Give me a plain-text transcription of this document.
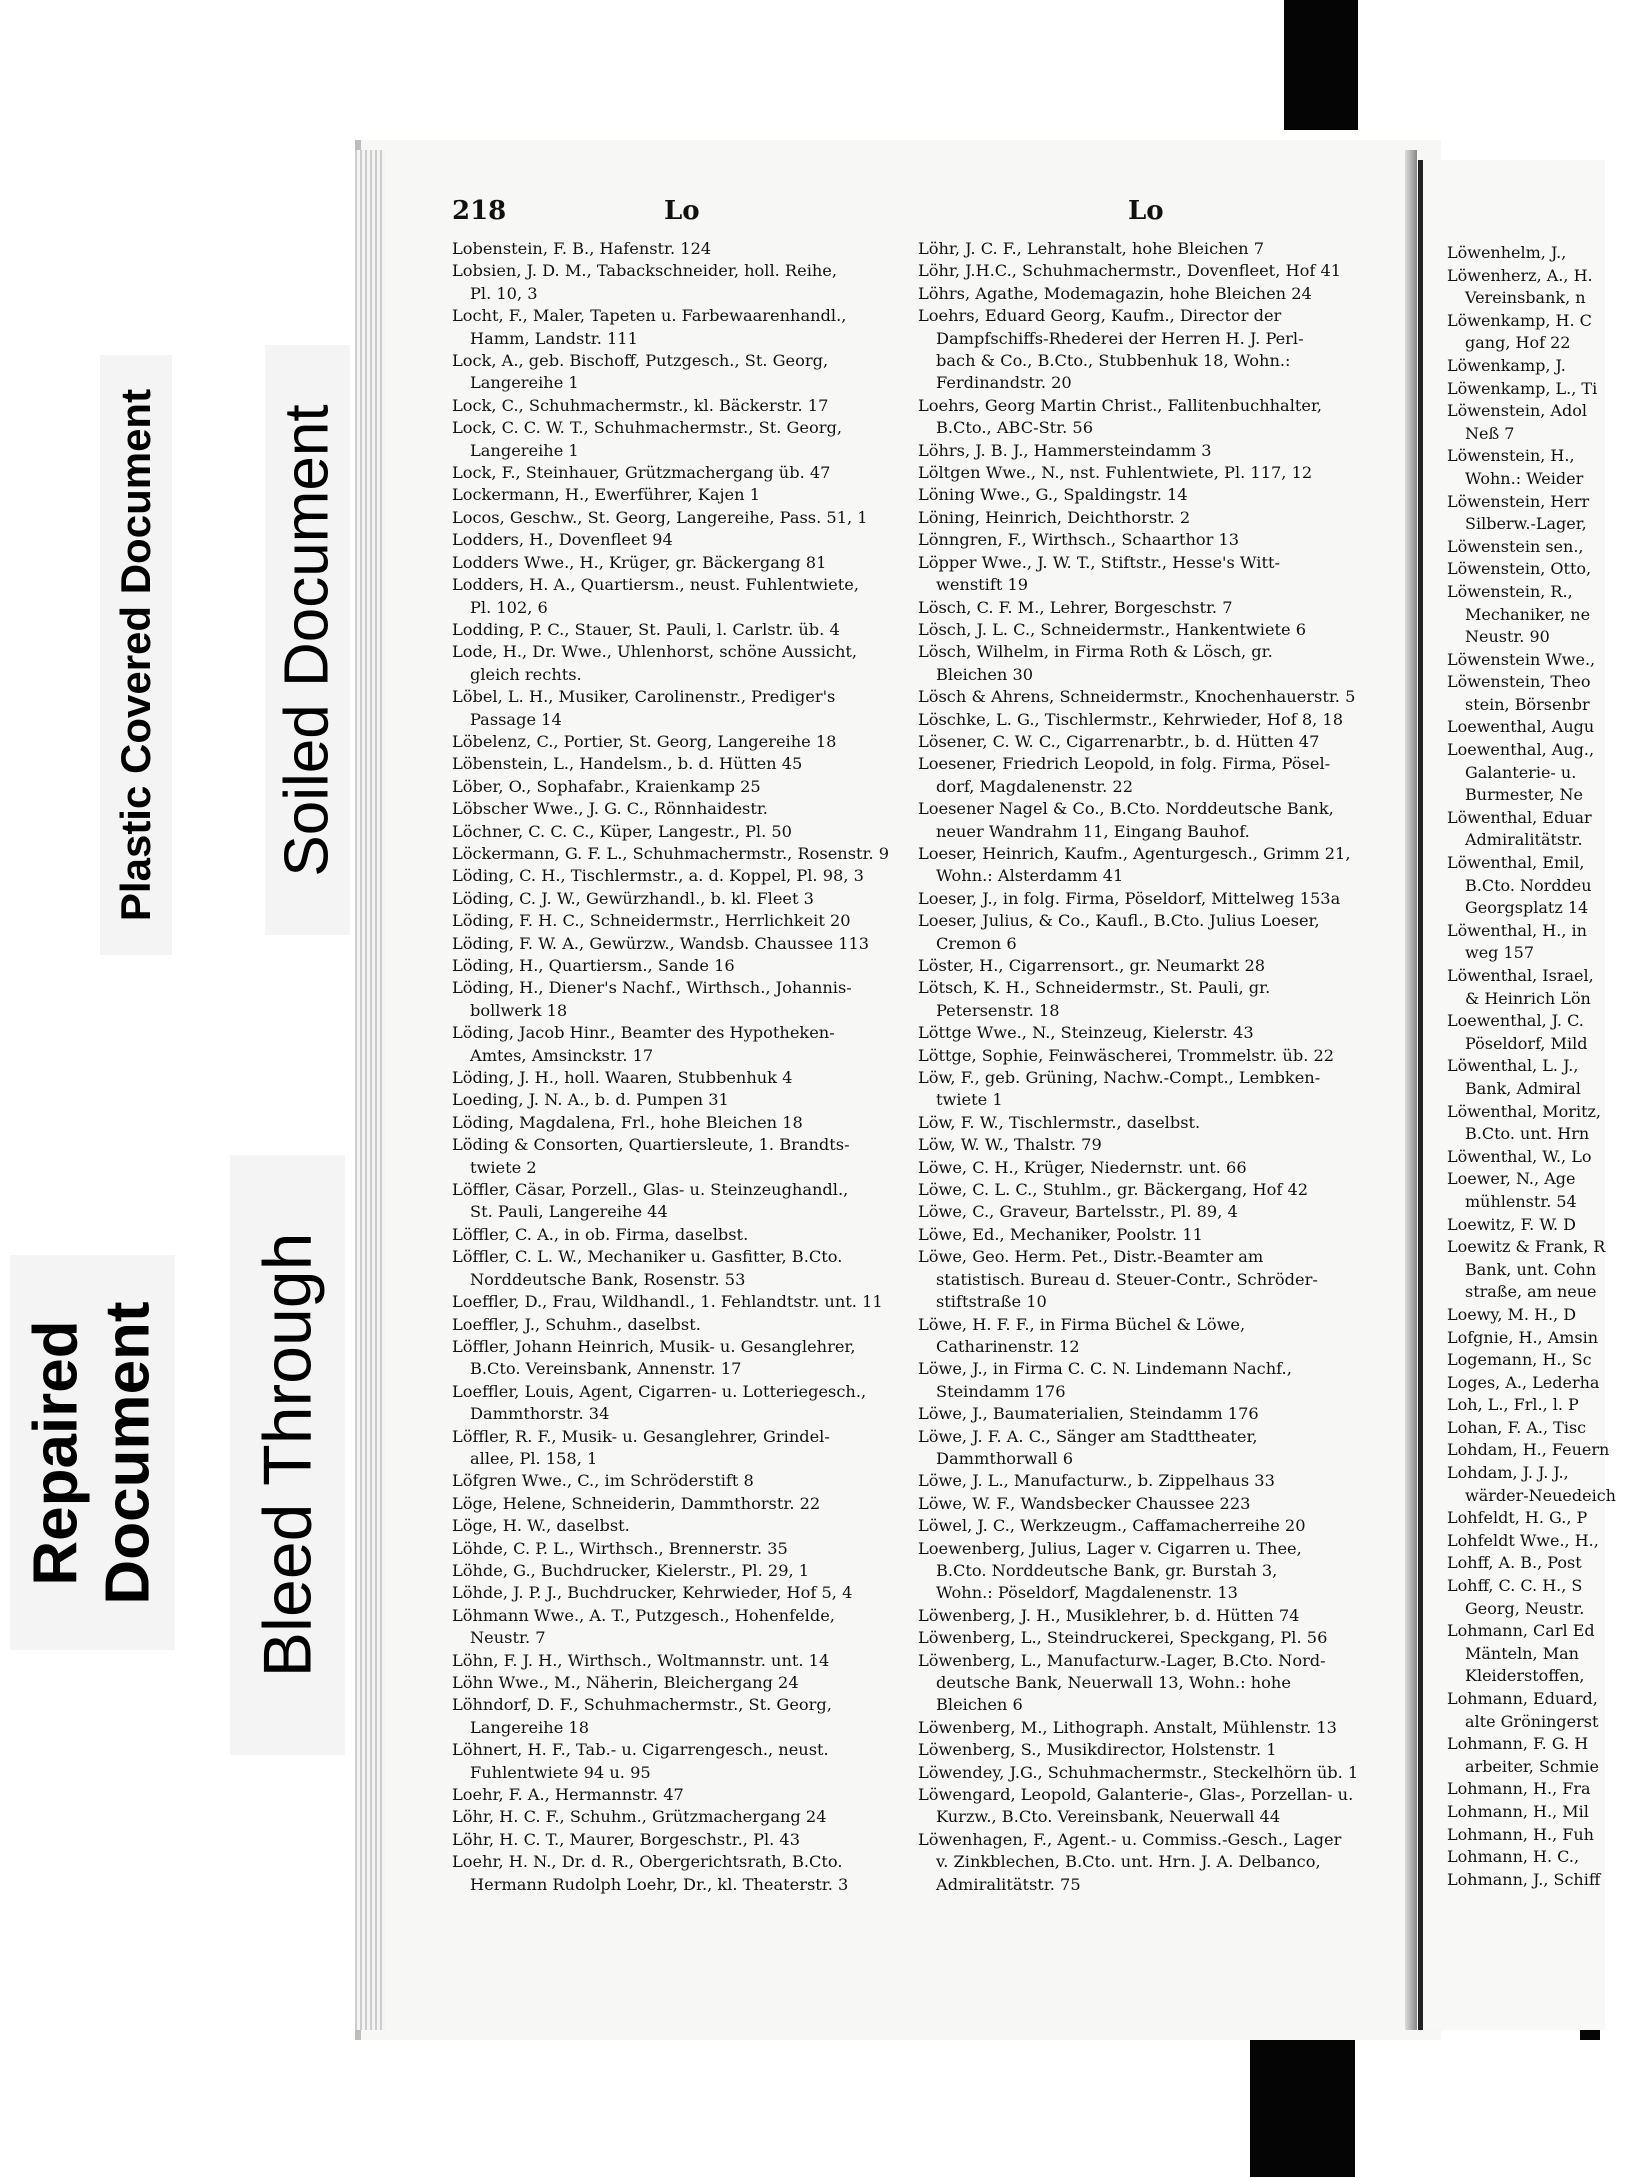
Plastic Covered Document Soiled Document
Repaired Document Bleed Through
218	Lo	Lo
Lobenstein, F. B., Hafenstr. 124
Lobsien, J. D. M., Tabackschneider, holl. Reihe,
Pl. 10, 3
Locht, F., Maler, Tapeten u. Farbewaarenhandl.,
Hamm, Landstr. 111
Lock, A., geb. Bischoff, Putzgesch., St. Georg,
Langereihe 1
Lock, C., Schuhmachermstr., kl. Bäckerstr. 17
Lock, C. C. W. T., Schuhmachermstr., St. Georg,
Langereihe 1
Lock, F., Steinhauer, Grützmachergang üb. 47
Lockermann, H., Ewerführer, Kajen 1
Locos, Geschw., St. Georg, Langereihe, Pass. 51, 1
Lodders, H., Dovenfleet 94
Lodders Wwe., H., Krüger, gr. Bäckergang 81
Lodders, H. A., Quartiersm., neust. Fuhlentwiete,
Pl. 102, 6
Lodding, P. C., Stauer, St. Pauli, l. Carlstr. üb. 4
Lode, H., Dr. Wwe., Uhlenhorst, schöne Aussicht,
gleich rechts.
Löbel, L. H., Musiker, Carolinenstr., Prediger's
Passage 14
Löbelenz, C., Portier, St. Georg, Langereihe 18
Löbenstein, L., Handelsm., b. d. Hütten 45
Löber, O., Sophafabr., Kraienkamp 25
Löbscher Wwe., J. G. C., Rönnhaidestr.
Löchner, C. C. C., Küper, Langestr., Pl. 50
Löckermann, G. F. L., Schuhmachermstr., Rosenstr. 9
Löding, C. H., Tischlermstr., a. d. Koppel, Pl. 98, 3
Löding, C. J. W., Gewürzhandl., b. kl. Fleet 3
Löding, F. H. C., Schneidermstr., Herrlichkeit 20
Löding, F. W. A., Gewürzw., Wandsb. Chaussee 113
Löding, H., Quartiersm., Sande 16
Löding, H., Diener's Nachf., Wirthsch., Johannis-
bollwerk 18
Löding, Jacob Hinr., Beamter des Hypotheken-
Amtes, Amsinckstr. 17
Löding, J. H., holl. Waaren, Stubbenhuk 4
Loeding, J. N. A., b. d. Pumpen 31
Löding, Magdalena, Frl., hohe Bleichen 18
Löding & Consorten, Quartiersleute, 1. Brandts-
twiete 2
Löffler, Cäsar, Porzell., Glas- u. Steinzeughandl.,
St. Pauli, Langereihe 44
Löffler, C. A., in ob. Firma, daselbst.
Löffler, C. L. W., Mechaniker u. Gasfitter, B.Cto.
Norddeutsche Bank, Rosenstr. 53
Loeffler, D., Frau, Wildhandl., 1. Fehlandtstr. unt. 11
Loeffler, J., Schuhm., daselbst.
Löffler, Johann Heinrich, Musik- u. Gesanglehrer,
B.Cto. Vereinsbank, Annenstr. 17
Loeffler, Louis, Agent, Cigarren- u. Lotteriegesch.,
Dammthorstr. 34
Löffler, R. F., Musik- u. Gesanglehrer, Grindel-
allee, Pl. 158, 1
Löfgren Wwe., C., im Schröderstift 8
Löge, Helene, Schneiderin, Dammthorstr. 22
Löge, H. W., daselbst.
Löhde, C. P. L., Wirthsch., Brennerstr. 35
Löhde, G., Buchdrucker, Kielerstr., Pl. 29, 1
Löhde, J. P. J., Buchdrucker, Kehrwieder, Hof 5, 4
Löhmann Wwe., A. T., Putzgesch., Hohenfelde,
Neustr. 7
Löhn, F. J. H., Wirthsch., Woltmannstr. unt. 14
Löhn Wwe., M., Näherin, Bleichergang 24
Löhndorf, D. F., Schuhmachermstr., St. Georg,
Langereihe 18
Löhnert, H. F., Tab.- u. Cigarrengesch., neust.
Fuhlentwiete 94 u. 95
Loehr, F. A., Hermannstr. 47
Löhr, H. C. F., Schuhm., Grützmachergang 24
Löhr, H. C. T., Maurer, Borgeschstr., Pl. 43
Loehr, H. N., Dr. d. R., Obergerichtsrath, B.Cto.
Hermann Rudolph Loehr, Dr., kl. Theaterstr. 3
Löhr, J. C. F., Lehranstalt, hohe Bleichen 7
Löhr, J.H.C., Schuhmachermstr., Dovenfleet, Hof 41
Löhrs, Agathe, Modemagazin, hohe Bleichen 24
Loehrs, Eduard Georg, Kaufm., Director der
Dampfschiffs-Rhederei der Herren H. J. Perl-
bach & Co., B.Cto., Stubbenhuk 18, Wohn.:
Ferdinandstr. 20
Loehrs, Georg Martin Christ., Fallitenbuchhalter,
B.Cto., ABC-Str. 56
Löhrs, J. B. J., Hammersteindamm 3
Löltgen Wwe., N., nst. Fuhlentwiete, Pl. 117, 12
Löning Wwe., G., Spaldingstr. 14
Löning, Heinrich, Deichthorstr. 2
Lönngren, F., Wirthsch., Schaarthor 13
Löpper Wwe., J. W. T., Stiftstr., Hesse's Witt-
wenstift 19
Lösch, C. F. M., Lehrer, Borgeschstr. 7
Lösch, J. L. C., Schneidermstr., Hankentwiete 6
Lösch, Wilhelm, in Firma Roth & Lösch, gr.
Bleichen 30
Lösch & Ahrens, Schneidermstr., Knochenhauerstr. 5
Löschke, L. G., Tischlermstr., Kehrwieder, Hof 8, 18
Lösener, C. W. C., Cigarrenarbtr., b. d. Hütten 47
Loesener, Friedrich Leopold, in folg. Firma, Pösel-
dorf, Magdalenenstr. 22
Loesener Nagel & Co., B.Cto. Norddeutsche Bank,
neuer Wandrahm 11, Eingang Bauhof.
Loeser, Heinrich, Kaufm., Agenturgesch., Grimm 21,
Wohn.: Alsterdamm 41
Loeser, J., in folg. Firma, Pöseldorf, Mittelweg 153a
Loeser, Julius, & Co., Kaufl., B.Cto. Julius Loeser,
Cremon 6
Löster, H., Cigarrensort., gr. Neumarkt 28
Lötsch, K. H., Schneidermstr., St. Pauli, gr.
Petersenstr. 18
Löttge Wwe., N., Steinzeug, Kielerstr. 43
Löttge, Sophie, Feinwäscherei, Trommelstr. üb. 22
Löw, F., geb. Grüning, Nachw.-Compt., Lembken-
twiete 1
Löw, F. W., Tischlermstr., daselbst.
Löw, W. W., Thalstr. 79
Löwe, C. H., Krüger, Niedernstr. unt. 66
Löwe, C. L. C., Stuhlm., gr. Bäckergang, Hof 42
Löwe, C., Graveur, Bartelsstr., Pl. 89, 4
Löwe, Ed., Mechaniker, Poolstr. 11
Löwe, Geo. Herm. Pet., Distr.-Beamter am
statistisch. Bureau d. Steuer-Contr., Schröder-
stiftstraße 10
Löwe, H. F. F., in Firma Büchel & Löwe,
Catharinenstr. 12
Löwe, J., in Firma C. C. N. Lindemann Nachf.,
Steindamm 176
Löwe, J., Baumaterialien, Steindamm 176
Löwe, J. F. A. C., Sänger am Stadttheater,
Dammthorwall 6
Löwe, J. L., Manufacturw., b. Zippelhaus 33
Löwe, W. F., Wandsbecker Chaussee 223
Löwel, J. C., Werkzeugm., Caffamacherreihe 20
Loewenberg, Julius, Lager v. Cigarren u. Thee,
B.Cto. Norddeutsche Bank, gr. Burstah 3,
Wohn.: Pöseldorf, Magdalenenstr. 13
Löwenberg, J. H., Musiklehrer, b. d. Hütten 74
Löwenberg, L., Steindruckerei, Speckgang, Pl. 56
Löwenberg, L., Manufacturw.-Lager, B.Cto. Nord-
deutsche Bank, Neuerwall 13, Wohn.: hohe
Bleichen 6
Löwenberg, M., Lithograph. Anstalt, Mühlenstr. 13
Löwenberg, S., Musikdirector, Holstenstr. 1
Löwendey, J.G., Schuhmachermstr., Steckelhörn üb. 1
Löwengard, Leopold, Galanterie-, Glas-, Porzellan- u.
Kurzw., B.Cto. Vereinsbank, Neuerwall 44
Löwenhagen, F., Agent.- u. Commiss.-Gesch., Lager
v. Zinkblechen, B.Cto. unt. Hrn. J. A. Delbanco,
Admiralitätstr. 75
Löwenhelm, J.,
Löwenherz, A., H.
Vereinsbank, n
Löwenkamp, H. C
gang, Hof 22
Löwenkamp, J.
Löwenkamp, L., Ti
Löwenstein, Adol
Neß 7
Löwenstein, H.,
Wohn.: Weider
Löwenstein, Herr
Silberw.-Lager,
Löwenstein sen.,
Löwenstein, Otto,
Löwenstein, R.,
Mechaniker, ne
Neustr. 90
Löwenstein Wwe.,
Löwenstein, Theo
stein, Börsenbr
Loewenthal, Augu
Loewenthal, Aug.,
Galanterie- u.
Burmester, Ne
Löwenthal, Eduar
Admiralitätstr.
Löwenthal, Emil,
B.Cto. Norddeu
Georgsplatz 14
Löwenthal, H., in
weg 157
Löwenthal, Israel,
& Heinrich Lön
Loewenthal, J. C.
Pöseldorf, Mild
Löwenthal, L. J.,
Bank, Admiral
Löwenthal, Moritz,
B.Cto. unt. Hrn
Löwenthal, W., Lo
Loewer, N., Age
mühlenstr. 54
Loewitz, F. W. D
Loewitz & Frank, R
Bank, unt. Cohn
straße, am neue
Loewy, M. H., D
Lofgnie, H., Amsin
Logemann, H., Sc
Loges, A., Lederha
Loh, L., Frl., l. P
Lohan, F. A., Tisc
Lohdam, H., Feuern
Lohdam, J. J. J.,
wärder-Neuedeich
Lohfeldt, H. G., P
Lohfeldt Wwe., H.,
Lohff, A. B., Post
Lohff, C. C. H., S
Georg, Neustr.
Lohmann, Carl Ed
Mänteln, Man
Kleiderstoffen,
Lohmann, Eduard,
alte Gröningerst
Lohmann, F. G. H
arbeiter, Schmie
Lohmann, H., Fra
Lohmann, H., Mil
Lohmann, H., Fuh
Lohmann, H. C.,
Lohmann, J., Schiff
